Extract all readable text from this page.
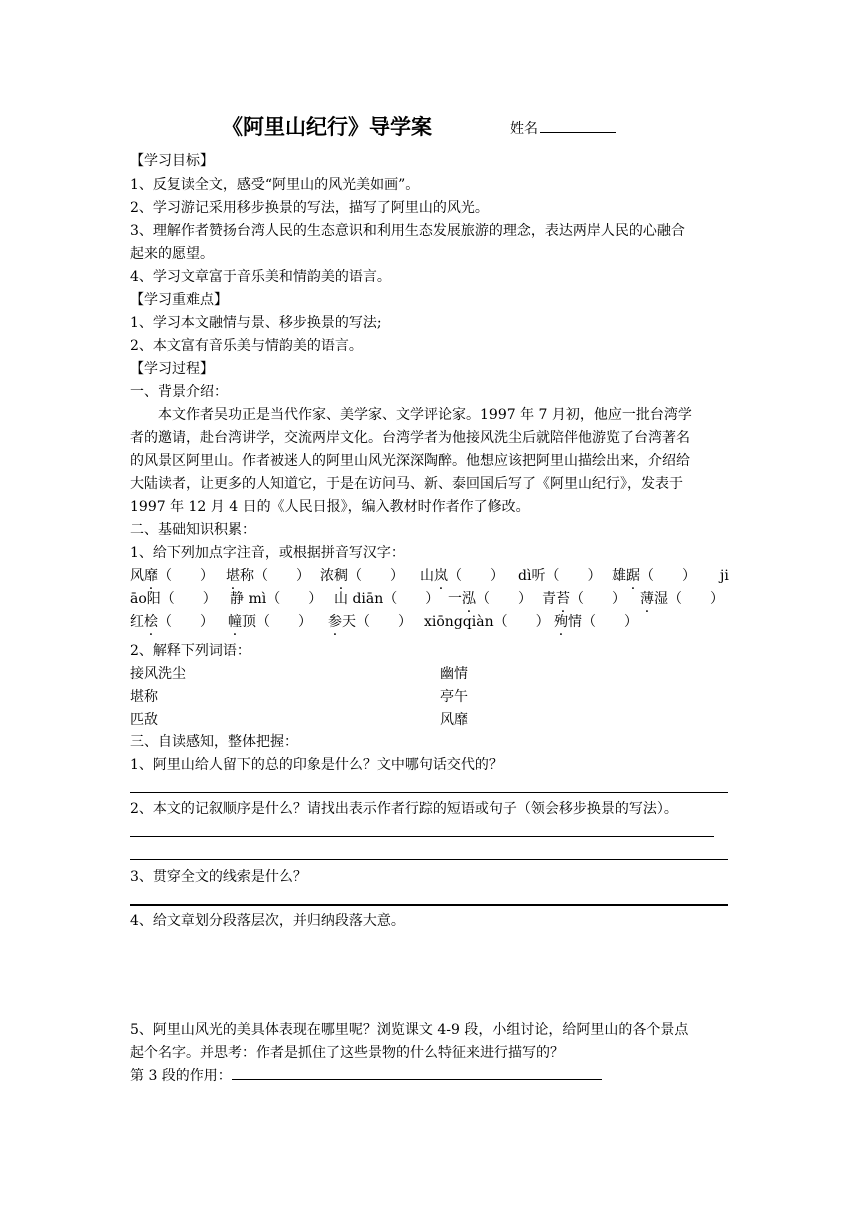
《阿里山纪行》导学案	姓名
【学习目标】
1、反复读全文，感受“阿里山的风光美如画”。
2、学习游记采用移步换景的写法，描写了阿里山的风光。
3、理解作者赞扬台湾人民的生态意识和利用生态发展旅游的理念，表达两岸人民的心融合
起来的愿望。
4、学习文章富于音乐美和情韵美的语言。
【学习重难点】
1、学习本文融情与景、移步换景的写法;
2、本文富有音乐美与情韵美的语言。
【学习过程】
一、背景介绍：
本文作者吴功正是当代作家、美学家、文学评论家。1997 年 7 月初，他应一批台湾学
者的邀请，赴台湾讲学，交流两岸文化。台湾学者为他接风洗尘后就陪伴他游览了台湾著名
的风景区阿里山。作者被迷人的阿里山风光深深陶醉。他想应该把阿里山描绘出来，介绍给
大陆读者，让更多的人知道它，于是在访问马、新、泰回国后写了《阿里山纪行》，发表于
1997 年 12 月 4 日的《人民日报》，编入教材时作者作了修改。
二、基础知识积累：
1、给下列加点字注音，或根据拼音写汉字：
风靡（　　） 堪称（　　） 浓稠（　　） 山岚（　　） dì听（　　） 雄踞（　　） ji
āo阳（　　） 静 mì（　　） 山 diān（　　） 一泓（　　） 青苔（　　） 薄湿（　　）
红桧（　　） 幢顶（　　） 参天（　　） xiōngqiàn（　　） 殉情（　　）
2、解释下列词语：
接风洗尘
堪称
匹敌
幽情
亭午
风靡
三、自读感知，整体把握：
1、阿里山给人留下的总的印象是什么？文中哪句话交代的？
2、本文的记叙顺序是什么？请找出表示作者行踪的短语或句子（领会移步换景的写法）。
3、贯穿全文的线索是什么？
4、给文章划分段落层次，并归纳段落大意。
5、阿里山风光的美具体表现在哪里呢？浏览课文 4-9 段，小组讨论，给阿里山的各个景点
起个名字。并思考：作者是抓住了这些景物的什么特征来进行描写的？
第 3 段的作用：
